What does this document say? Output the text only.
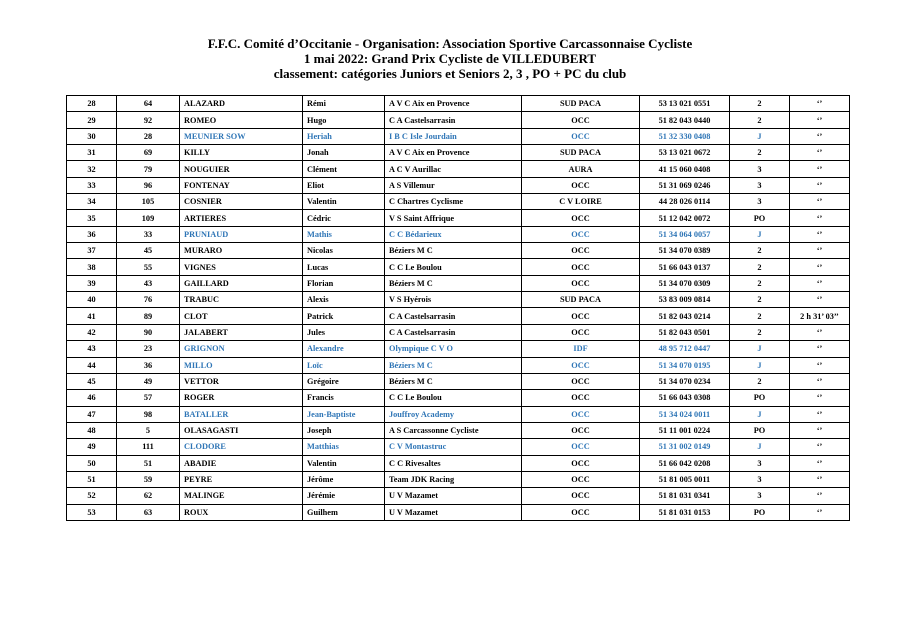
F.F.C. Comité d’Occitanie - Organisation: Association Sportive Carcassonnaise Cycliste
1 mai 2022: Grand Prix Cycliste de VILLEDUBERT
classement: catégories Juniors et Seniors 2, 3 , PO + PC du club
28	64	ALAZARD	Rémi	A V C Aix en Provence	SUD PACA	53 13 021 0551	2	‘’
29	92	ROMEO	Hugo	C A Castelsarrasin	OCC	51 82 043 0440	2	‘’
30	28	MEUNIER SOW	Heriah	I B C Isle Jourdain	OCC	51 32 330 0408	J	‘’
31	69	KILLY	Jonah	A V C Aix en Provence	SUD PACA	53 13 021 0672	2	‘’
32	79	NOUGUIER	Clément	A C V Aurillac	AURA	41 15 060 0408	3	‘’
33	96	FONTENAY	Eliot	A S Villemur	OCC	51 31 069 0246	3	‘’
34	105	COSNIER	Valentin	C Chartres Cyclisme	C V LOIRE	44 28 026 0114	3	‘’
35	109	ARTIERES	Cédric	V S Saint Affrique	OCC	51 12 042 0072	PO	‘’
36	33	PRUNIAUD	Mathis	C C Bédarieux	OCC	51 34 064 0057	J	‘’
37	45	MURARO	Nicolas	Béziers M C	OCC	51 34 070 0389	2	‘’
38	55	VIGNES	Lucas	C C Le Boulou	OCC	51 66 043 0137	2	‘’
39	43	GAILLARD	Florian	Béziers M C	OCC	51 34 070 0309	2	‘’
40	76	TRABUC	Alexis	V S Hyérois	SUD PACA	53 83 009 0814	2	‘’
41	89	CLOT	Patrick	C A Castelsarrasin	OCC	51 82 043 0214	2	2 h 31’ 03’’
42	90	JALABERT	Jules	C A Castelsarrasin	OCC	51 82 043 0501	2	‘’
43	23	GRIGNON	Alexandre	Olympique C V O	IDF	48 95 712 0447	J	‘’
44	36	MILLO	Loïc	Béziers M C	OCC	51 34 070 0195	J	‘’
45	49	VETTOR	Grégoire	Béziers M C	OCC	51 34 070 0234	2	‘’
46	57	ROGER	Francis	C C Le Boulou	OCC	51 66 043 0308	PO	‘’
47	98	BATALLER	Jean-Baptiste	Jouffroy Academy	OCC	51 34 024 0011	J	‘’
48	5	OLASAGASTI	Joseph	A S Carcassonne Cycliste	OCC	51 11 001 0224	PO	‘’
49	111	CLODORE	Matthias	C V Montastruc	OCC	51 31 002 0149	J	‘’
50	51	ABADIE	Valentin	C C Rivesaltes	OCC	51 66 042 0208	3	‘’
51	59	PEYRE	Jérôme	Team JDK Racing	OCC	51 81 005 0011	3	‘’
52	62	MALINGE	Jérémie	U V Mazamet	OCC	51 81 031 0341	3	‘’
53	63	ROUX	Guilhem	U V Mazamet	OCC	51 81 031 0153	PO	‘’
